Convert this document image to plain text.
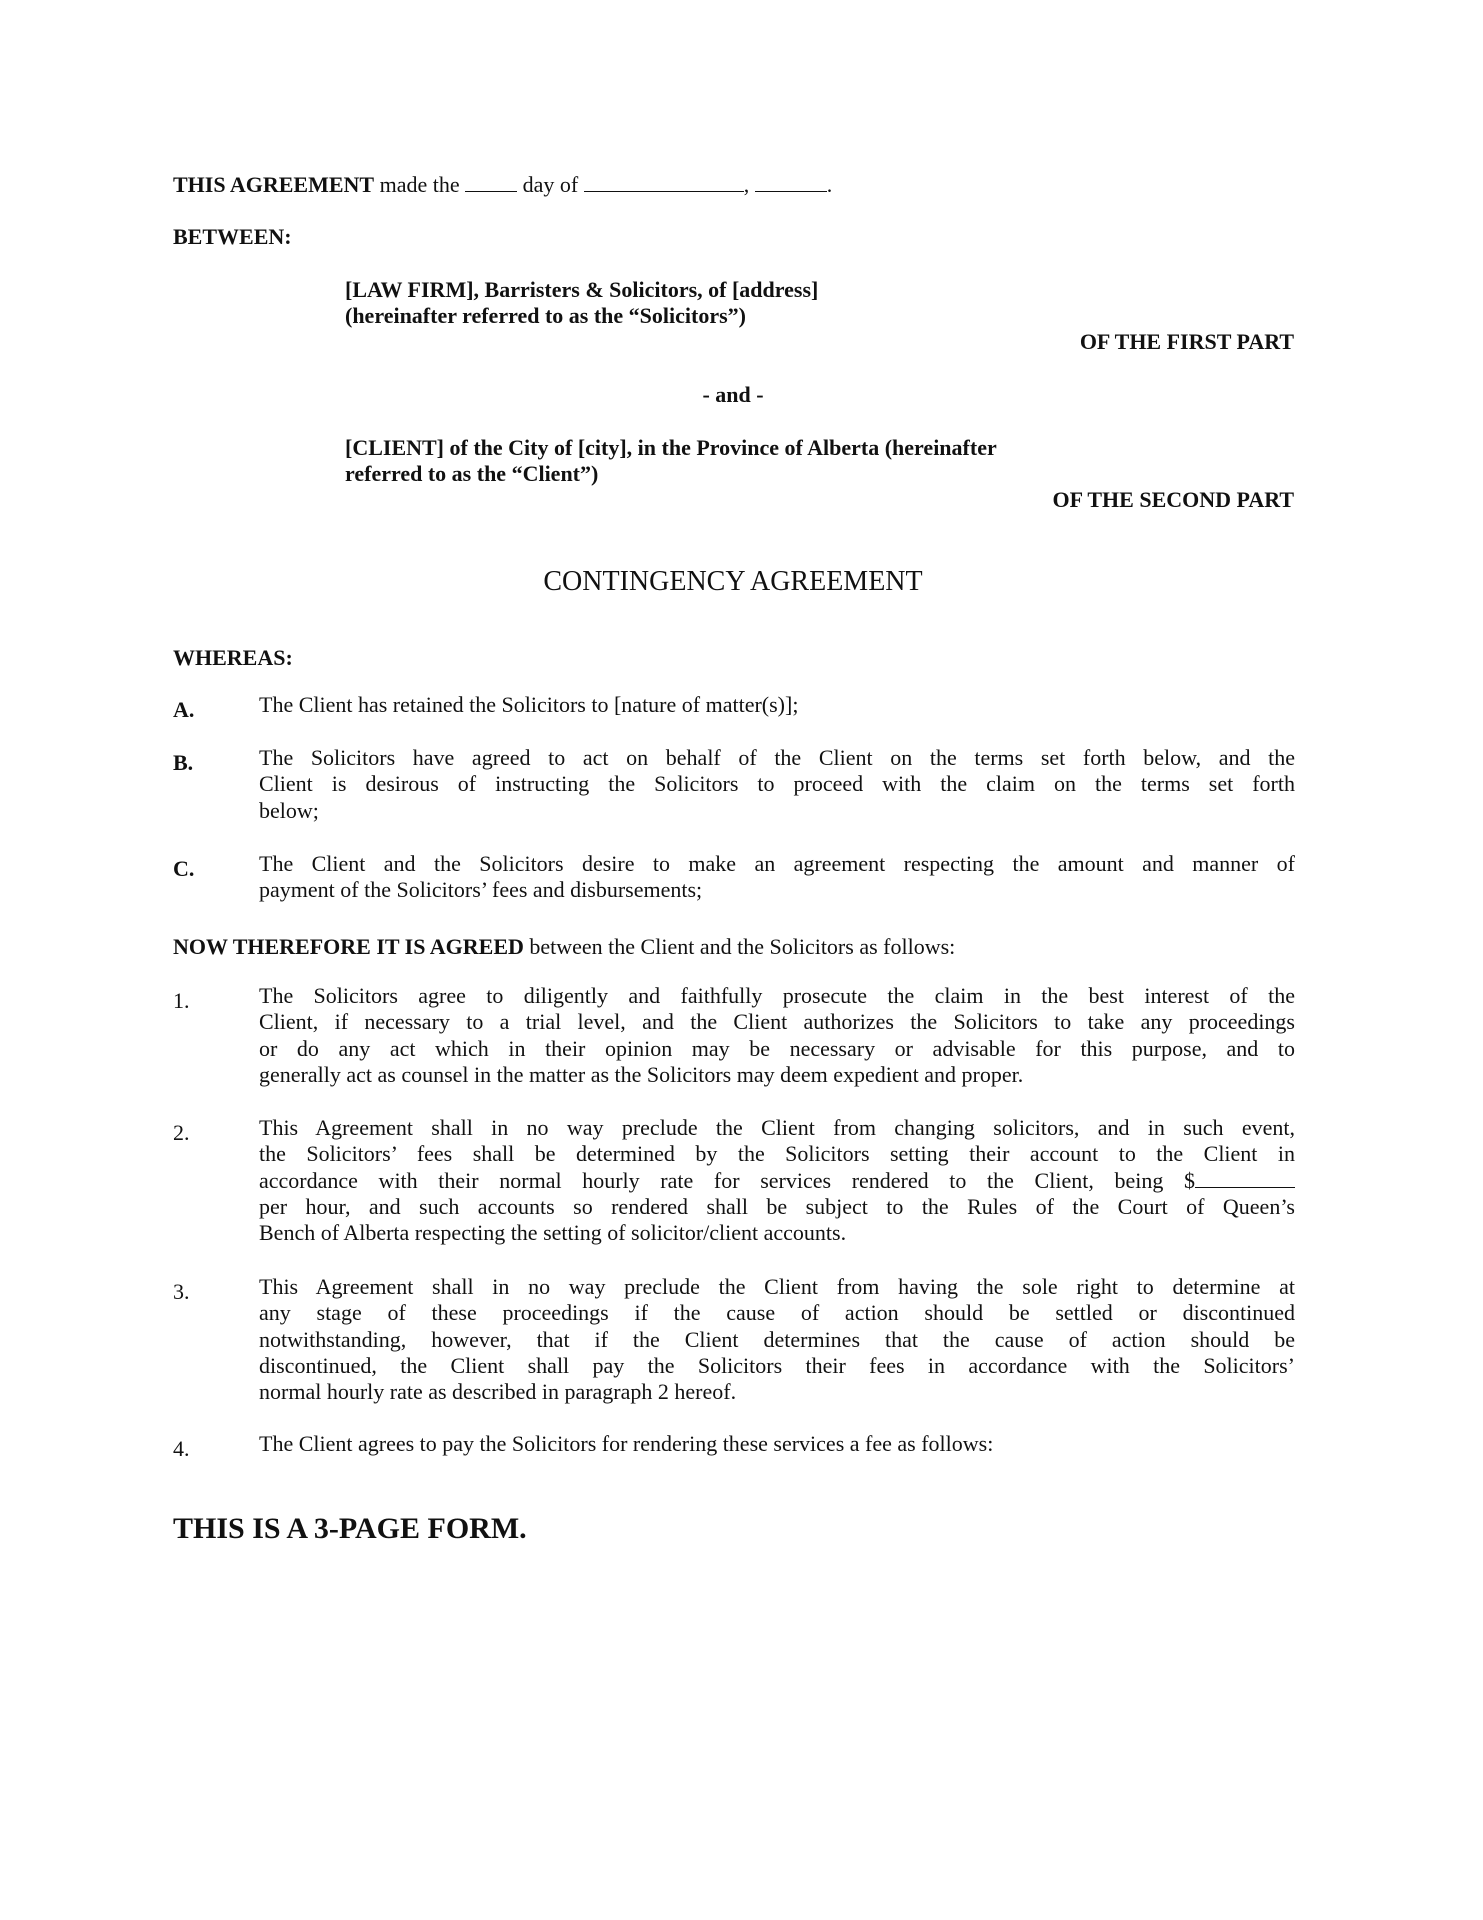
THIS AGREEMENT made the	day of	,	.
BETWEEN:
[LAW FIRM], Barristers & Solicitors, of [address]
(hereinafter referred to as the “Solicitors”)
OF THE FIRST PART
- and -
[CLIENT] of the City of [city], in the Province of Alberta (hereinafter
referred to as the “Client”)
OF THE SECOND PART
CONTINGENCY AGREEMENT
WHEREAS:
A.	The Client has retained the Solicitors to [nature of matter(s)];
B.	The Solicitors have agreed to act on behalf of the Client on the terms set forth below, and the
Client is desirous of instructing the Solicitors to proceed with the claim on the terms set forth
below;
C.	The Client and the Solicitors desire to make an agreement respecting the amount and manner of
payment of the Solicitors’ fees and disbursements;
NOW THEREFORE IT IS AGREED between the Client and the Solicitors as follows:
1.	The Solicitors agree to diligently and faithfully prosecute the claim in the best interest of the
Client, if necessary to a trial level, and the Client authorizes the Solicitors to take any proceedings
or do any act which in their opinion may be necessary or advisable for this purpose, and to
generally act as counsel in the matter as the Solicitors may deem expedient and proper.
2.	This Agreement shall in no way preclude the Client from changing solicitors, and in such event,
the Solicitors’ fees shall be determined by the Solicitors setting their account to the Client in
accordance with their normal hourly rate for services rendered to the Client, being $
per hour, and such accounts so rendered shall be subject to the Rules of the Court of Queen’s
Bench of Alberta respecting the setting of solicitor/client accounts.
3.	This Agreement shall in no way preclude the Client from having the sole right to determine at
any stage of these proceedings if the cause of action should be settled or discontinued
notwithstanding, however, that if the Client determines that the cause of action should be
discontinued, the Client shall pay the Solicitors their fees in accordance with the Solicitors’
normal hourly rate as described in paragraph 2 hereof.
4.	The Client agrees to pay the Solicitors for rendering these services a fee as follows:
THIS IS A 3-PAGE FORM.
